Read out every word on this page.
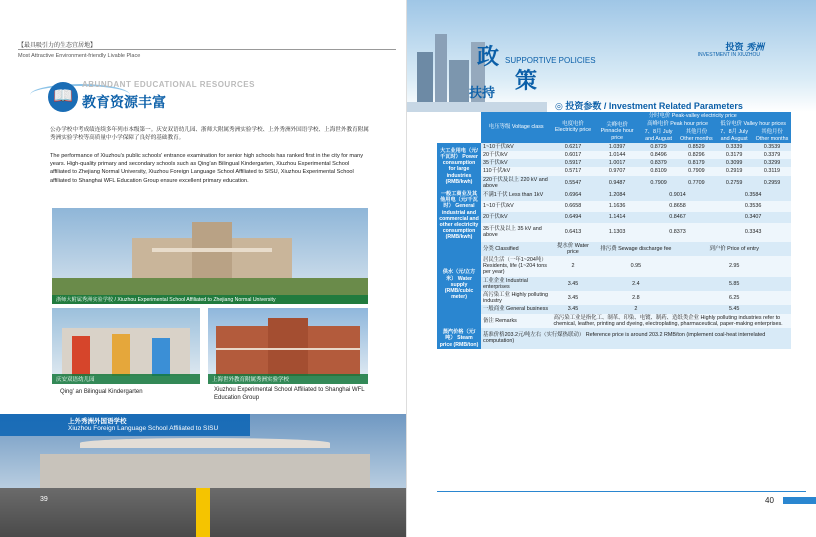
【最具吸引力的生态宜居地】
Most Attractive Environment-friendly Livable Place
📖
ABUNDANT EDUCATIONAL RESOURCES
教育资源丰富
公办学校中考成绩连续多年列市本级第一。庆安双语幼儿园、浙师大附属秀洲实验学校、上外秀洲外国语学校、上海世外教育附属秀洲实验学校等高质量中小学保障了良好的基础教育。
The performance of Xiuzhou's public schools' entrance examination for senior high schools has ranked first in the city for many years. High-quality primary and secondary schools such as Qing'an Bilingual Kindergarten, Xiuzhou Experimental School affiliated to Zhejiang Normal University, Xiuzhou Foreign Language School Affiliated to SISU, Xiuzhou Experimental School affiliated to Shanghai WFL Education Group ensure excellent primary education.
浙师大附属秀洲实验学校 / Xiuzhou Experimental School Affiliated to Zhejiang Normal University
庆安双语幼儿园
Qing' an Bilingual Kindergarten
上海世外教育附属秀洲实验学校
Xiuzhou Experimental School Affiliated to Shanghai WFL Education Group
上外秀洲外国语学校
Xiuzhou Foreign Language School Affiliated to SISU
39
政
策
SUPPORTIVE POLICIES
扶持
投资 秀洲
INVESTMENT IN XIUZHOU
◎ 投资参数 / Investment Related Parameters
	电压等级 Voltage class	电度电价 Electricity price	分时电价 Peak-valley electricity price				
			尖峰电价 Pinnacle hour price	高峰电价 Peak hour price		低谷电价 Valley hour prices	
				7、8月 July and August	其他月份 Other months	7、8月 July and August	其他月份 Other months
大工业用电（元/千瓦时） Power consumption for large industries (RMB/kwh)	1~10千伏/kV	0.6217	1.0397	0.8729	0.8529	0.3339	0.3539
	20千伏/kV	0.6017	1.0144	0.8496	0.8296	0.3179	0.3379
	35千伏/kV	0.5917	1.0017	0.8379	0.8179	0.3099	0.3299
	110千伏/kV	0.5717	0.9707	0.8109	0.7909	0.2919	0.3119
	220千伏及以上 220 kV and above	0.5547	0.9487	0.7909	0.7709	0.2759	0.2959
一般工商业及其他用电（元/千瓦时） General industrial and commercial and other electricity consumption (RMB/kwh)	不满1千伏 Less than 1kV	0.6964	1.2084	0.9014		0.3584	
	1~10千伏/kV	0.6658	1.1636	0.8658		0.3536	
	20千伏/kV	0.6494	1.1414	0.8467		0.3407	
	35千伏及以上 35 kV and above	0.6413	1.1303	0.8373		0.3343	
供水（元/立方米） Water supply (RMB/cubic meter)	分类 Classified	提水价 Water price	排污费 Sewage discharge fee		到户价 Price of entry		
	居民生活（一年1~204吨） Residents, life (1~204 tons per year)	2	0.95		2.95		
	工业企业 Industrial enterprises	3.45	2.4		5.85		
	高污染工业 Highly polluting industry	3.45	2.8		6.25		
	一般商业 General business	3.45	2		5.45		
	备注 Remarks	高污染工业是指化工、制革、印染、电镀、制药、造纸类企业 Highly polluting industries refer to chemical, leather, printing and dyeing, electroplating, pharmaceutical, paper-making enterprises.					
蒸汽价格（元/吨） Steam price (RMB/ton)	基准价格203.2元/吨左右（实行煤热联动） Reference price is around 203.2 RMB/ton (implement coal-heat interrelated computation)						
40
